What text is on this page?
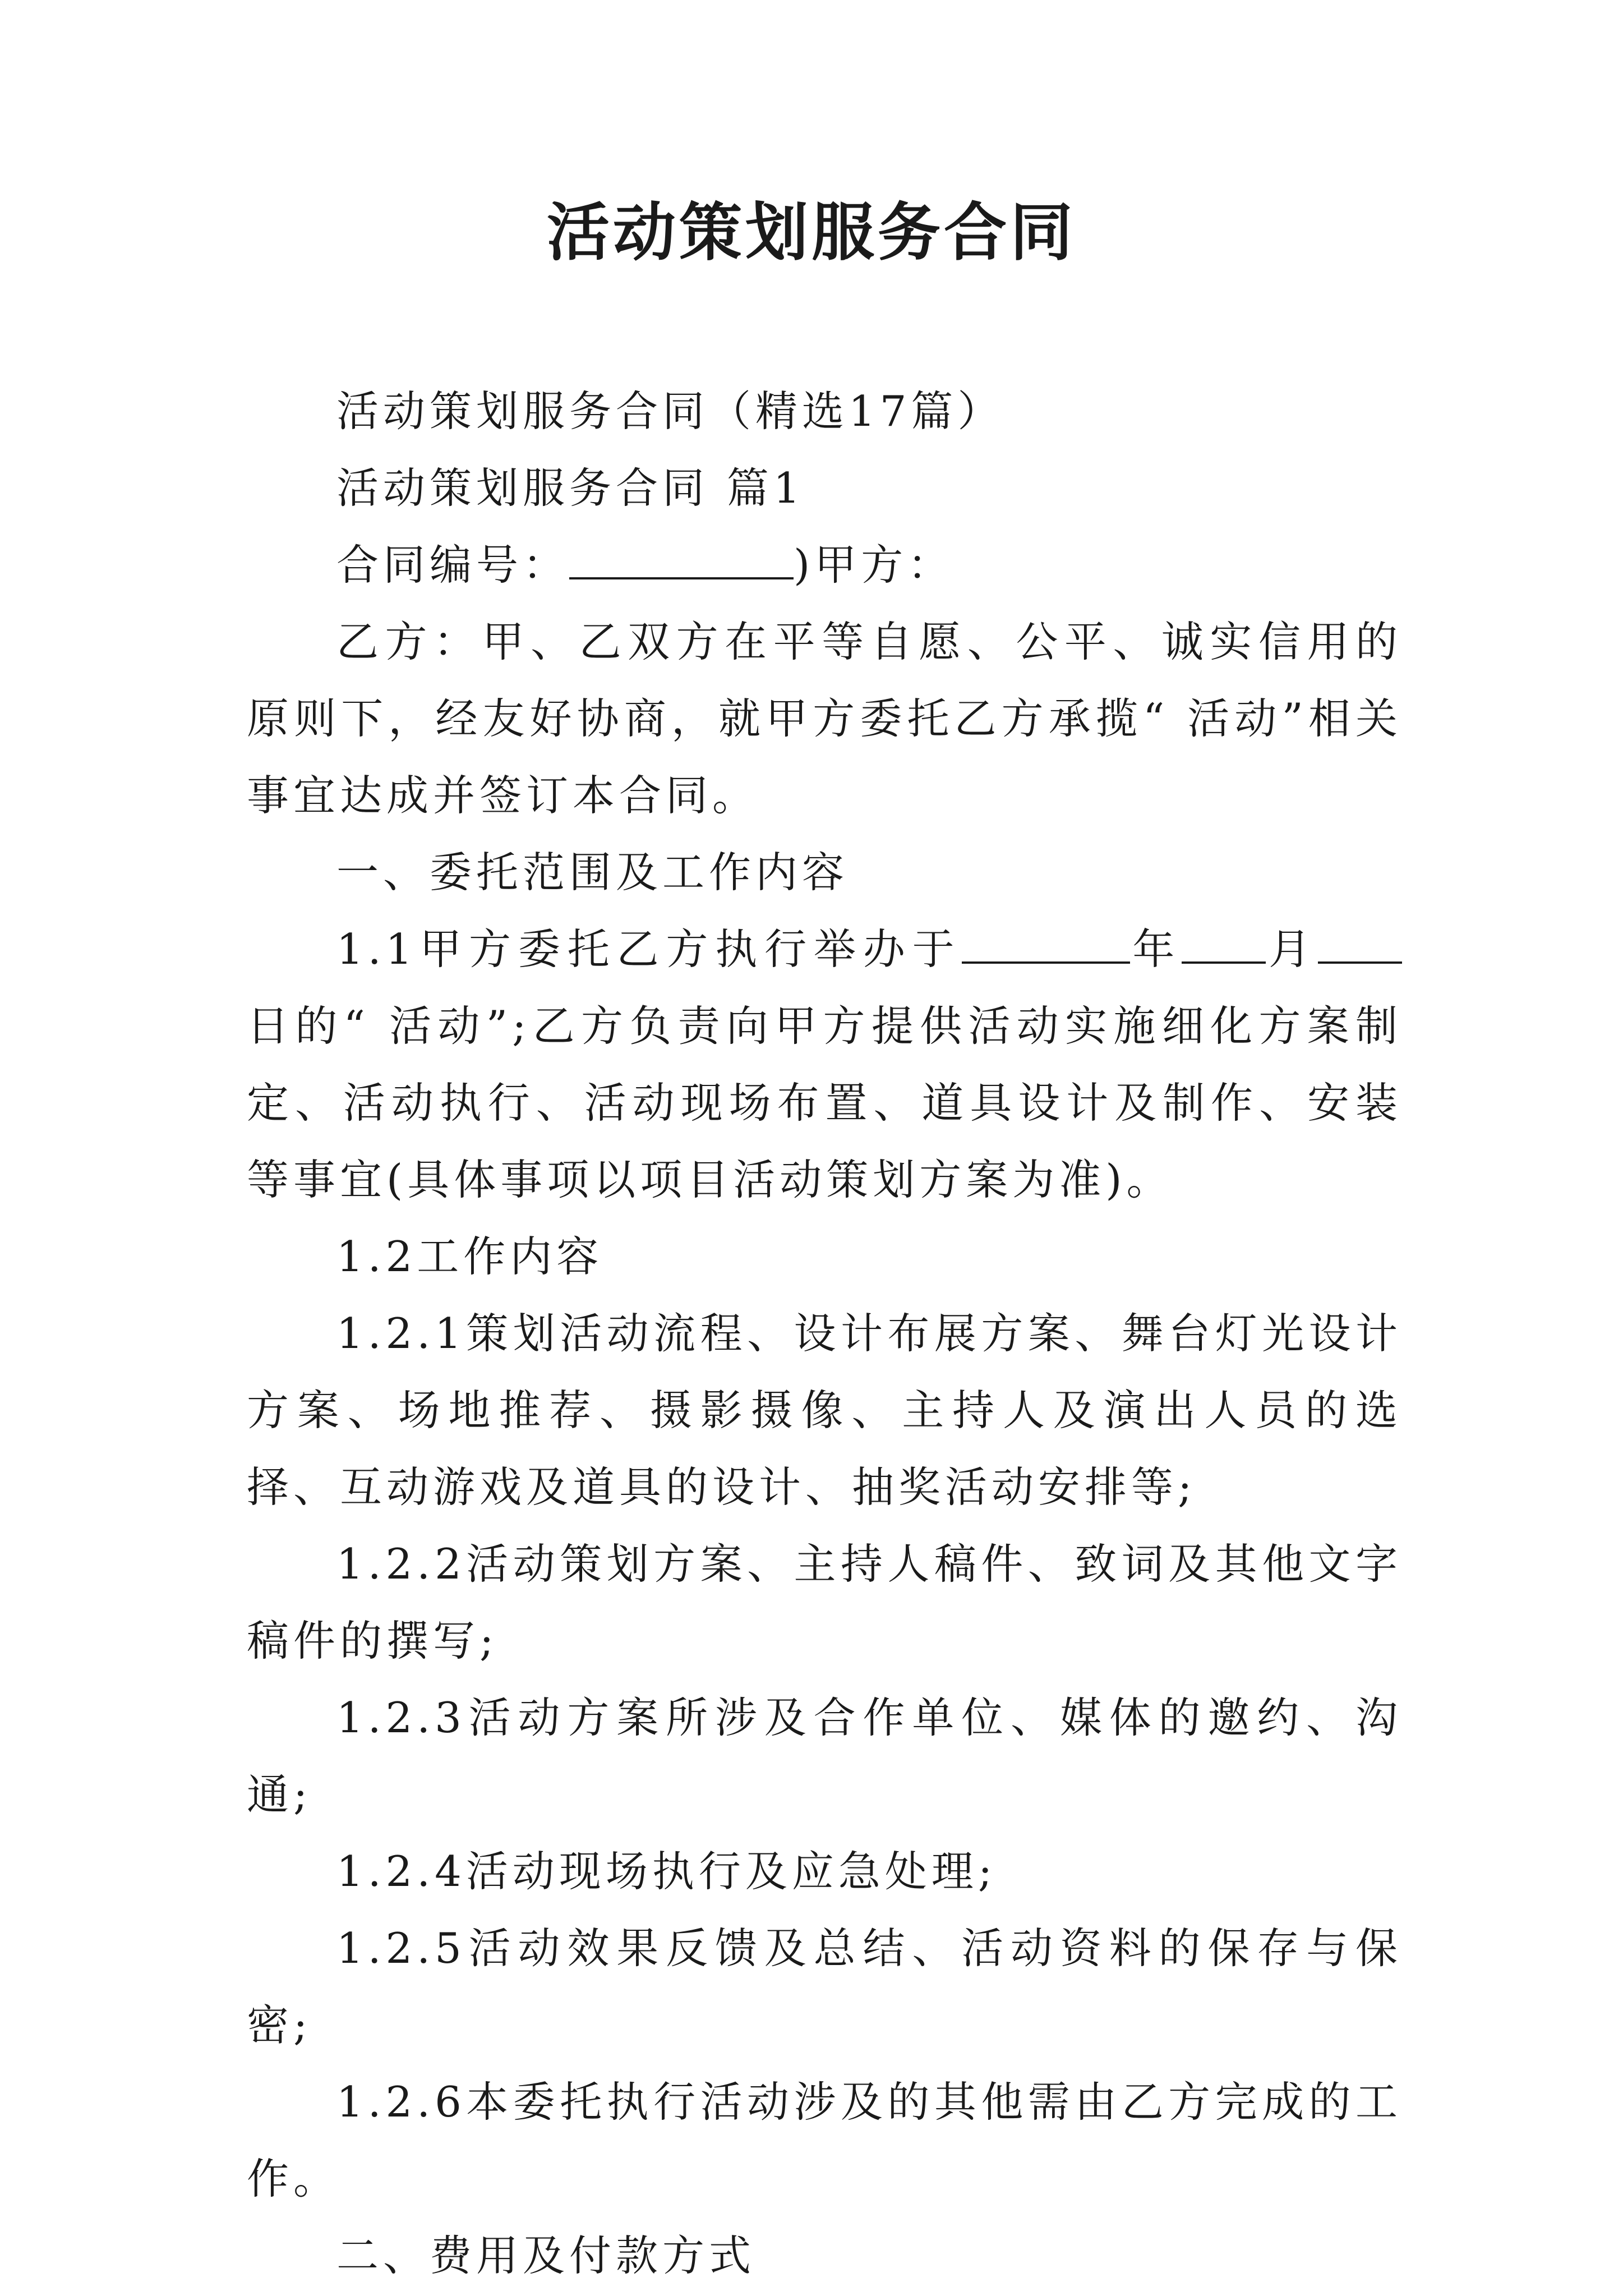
活动策划服务合同

活动策划服务合同（精选17篇）

活动策划服务合同 篇1

合同编号：	)甲方：

乙方：甲、乙双方在平等自愿、公平、诚实信用的原则下，经友好协商，就甲方委托乙方承揽“ 活动”相关事宜达成并签订本合同。

一、委托范围及工作内容

1.1甲方委托乙方执行举办于	年 月日的“ 活动”;乙方负责向甲方提供活动实施细化方案制定、活动执行、活动现场布置、道具设计及制作、安装等事宜(具体事项以项目活动策划方案为准)。

1.2工作内容

1.2.1策划活动流程、设计布展方案、舞台灯光设计方案、场地推荐、摄影摄像、主持人及演出人员的选择、互动游戏及道具的设计、抽奖活动安排等;

1.2.2活动策划方案、主持人稿件、致词及其他文字稿件的撰写;

1.2.3活动方案所涉及合作单位、媒体的邀约、沟通;

1.2.4活动现场执行及应急处理;

1.2.5活动效果反馈及总结、活动资料的保存与保密;

1.2.6本委托执行活动涉及的其他需由乙方完成的工作。

二、费用及付款方式
